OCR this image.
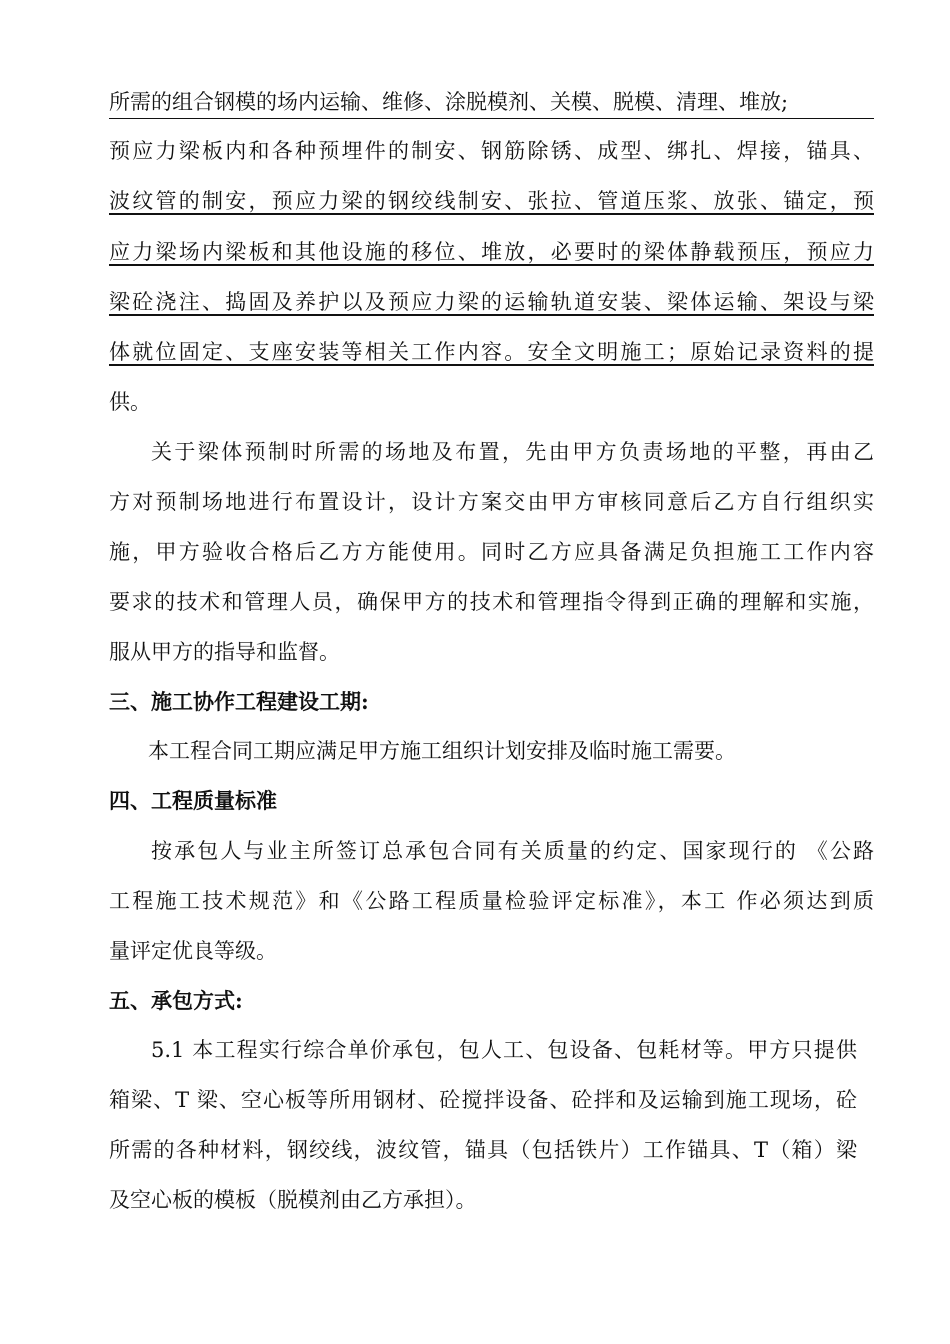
所需的组合钢模的场内运输、维修、涂脱模剂、关模、脱模、清理、堆放;
预应力梁板内和各种预埋件的制安、钢筋除锈、成型、绑扎、焊接，锚具、
波纹管的制安，预应力梁的钢绞线制安、张拉、管道压浆、放张、锚定，预
应力梁场内梁板和其他设施的移位、堆放，必要时的梁体静载预压，预应力
梁砼浇注、捣固及养护以及预应力梁的运输轨道安装、梁体运输、架设与梁
体就位固定、支座安装等相关工作内容。安全文明施工；原始记录资料的提
供。
关于梁体预制时所需的场地及布置，先由甲方负责场地的平整，再由乙
方对预制场地进行布置设计，设计方案交由甲方审核同意后乙方自行组织实
施，甲方验收合格后乙方方能使用。同时乙方应具备满足负担施工工作内容
要求的技术和管理人员，确保甲方的技术和管理指令得到正确的理解和实施，
服从甲方的指导和监督。
三、施工协作工程建设工期:
本工程合同工期应满足甲方施工组织计划安排及临时施工需要。
四、工程质量标准
按承包人与业主所签订总承包合同有关质量的约定、国家现行的 《公路
工程施工技术规范》和《公路工程质量检验评定标准》，本工 作必须达到质
量评定优良等级。
五、承包方式:
5.1 本工程实行综合单价承包，包人工、包设备、包耗材等。甲方只提供
箱梁、T 梁、空心板等所用钢材、砼搅拌设备、砼拌和及运输到施工现场，砼
所需的各种材料，钢绞线，波纹管，锚具（包括铁片）工作锚具、T（箱）梁
及空心板的模板（脱模剂由乙方承担）。
